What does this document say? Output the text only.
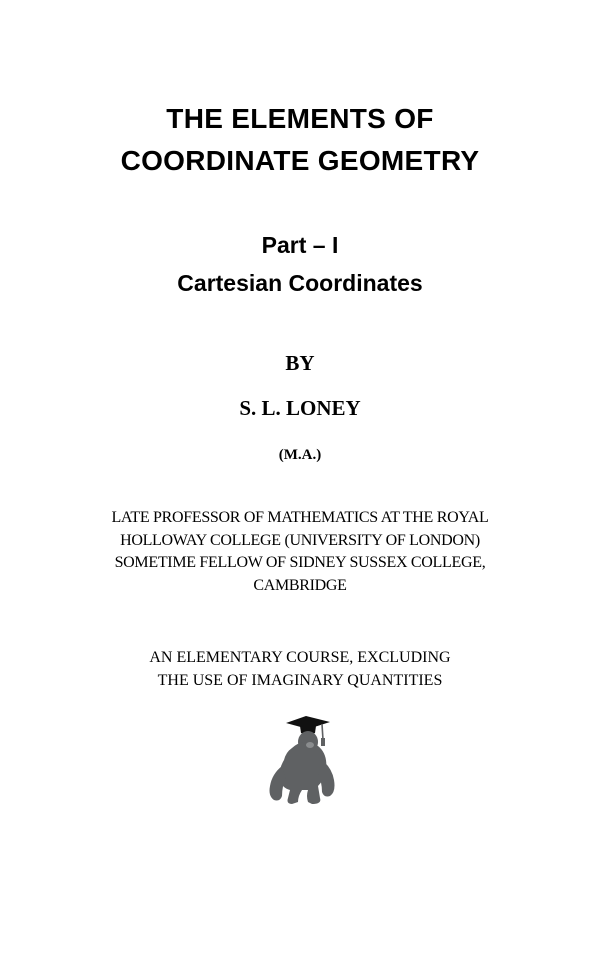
THE ELEMENTS OF
COORDINATE GEOMETRY
Part – I
Cartesian Coordinates
BY
S. L. LONEY
(M.A.)
LATE PROFESSOR OF MATHEMATICS AT THE ROYAL
HOLLOWAY COLLEGE (UNIVERSITY OF LONDON)
SOMETIME FELLOW OF SIDNEY SUSSEX COLLEGE,
CAMBRIDGE
AN ELEMENTARY COURSE, EXCLUDING
THE USE OF IMAGINARY QUANTITIES
